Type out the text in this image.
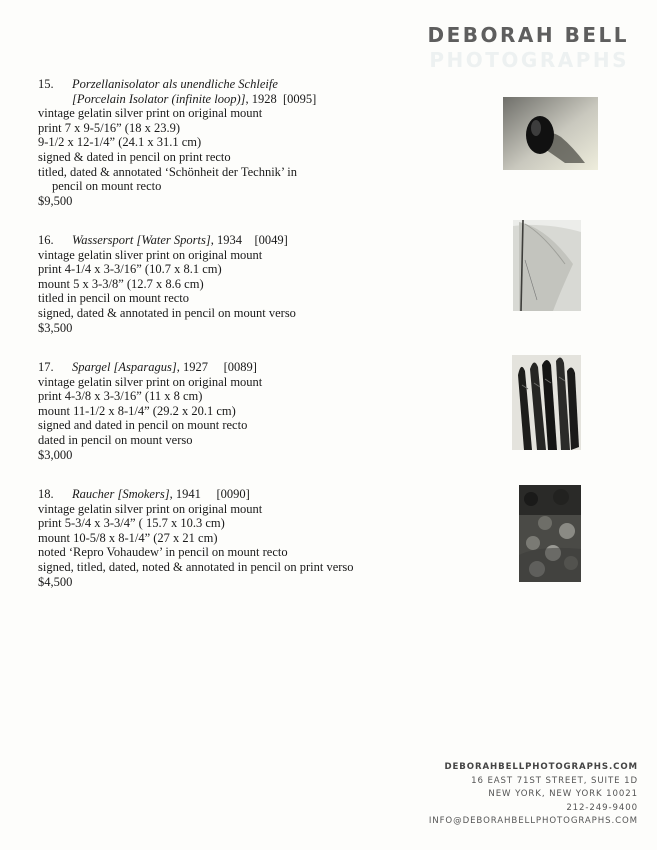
DEBORAH BELL
PHOTOGRAPHS
15. Porzellanisolator als unendliche Schleife
[Porcelain Isolator (infinite loop)], 1928 [0095]
vintage gelatin silver print on original mount
print 7 x 9-5/16” (18 x 23.9)
9-1/2 x 12-1/4” (24.1 x 31.1 cm)
signed & dated in pencil on print recto
titled, dated & annotated ‘Schönheit der Technik’ in
pencil on mount recto
$9,500
16. Wassersport [Water Sports], 1934 [0049]
vintage gelatin sliver print on original mount
print 4-1/4 x 3-3/16” (10.7 x 8.1 cm)
mount 5 x 3-3/8” (12.7 x 8.6 cm)
titled in pencil on mount recto
signed, dated & annotated in pencil on mount verso
$3,500
17. Spargel [Asparagus], 1927 [0089]
vintage gelatin silver print on original mount
print 4-3/8 x 3-3/16” (11 x 8 cm)
mount 11-1/2 x 8-1/4” (29.2 x 20.1 cm)
signed and dated in pencil on mount recto
dated in pencil on mount verso
$3,000
18. Raucher [Smokers], 1941 [0090]
vintage gelatin silver print on original mount
print 5-3/4 x 3-3/4” ( 15.7 x 10.3 cm)
mount 10-5/8 x 8-1/4” (27 x 21 cm)
noted ‘Repro Vohaudew’ in pencil on mount recto
signed, titled, dated, noted & annotated in pencil on print verso
$4,500
DEBORAHBELLPHOTOGRAPHS.COM
16 EAST 71ST STREET, SUITE 1D
NEW YORK, NEW YORK 10021
212-249-9400
INFO@DEBORAHBELLPHOTOGRAPHS.COM
